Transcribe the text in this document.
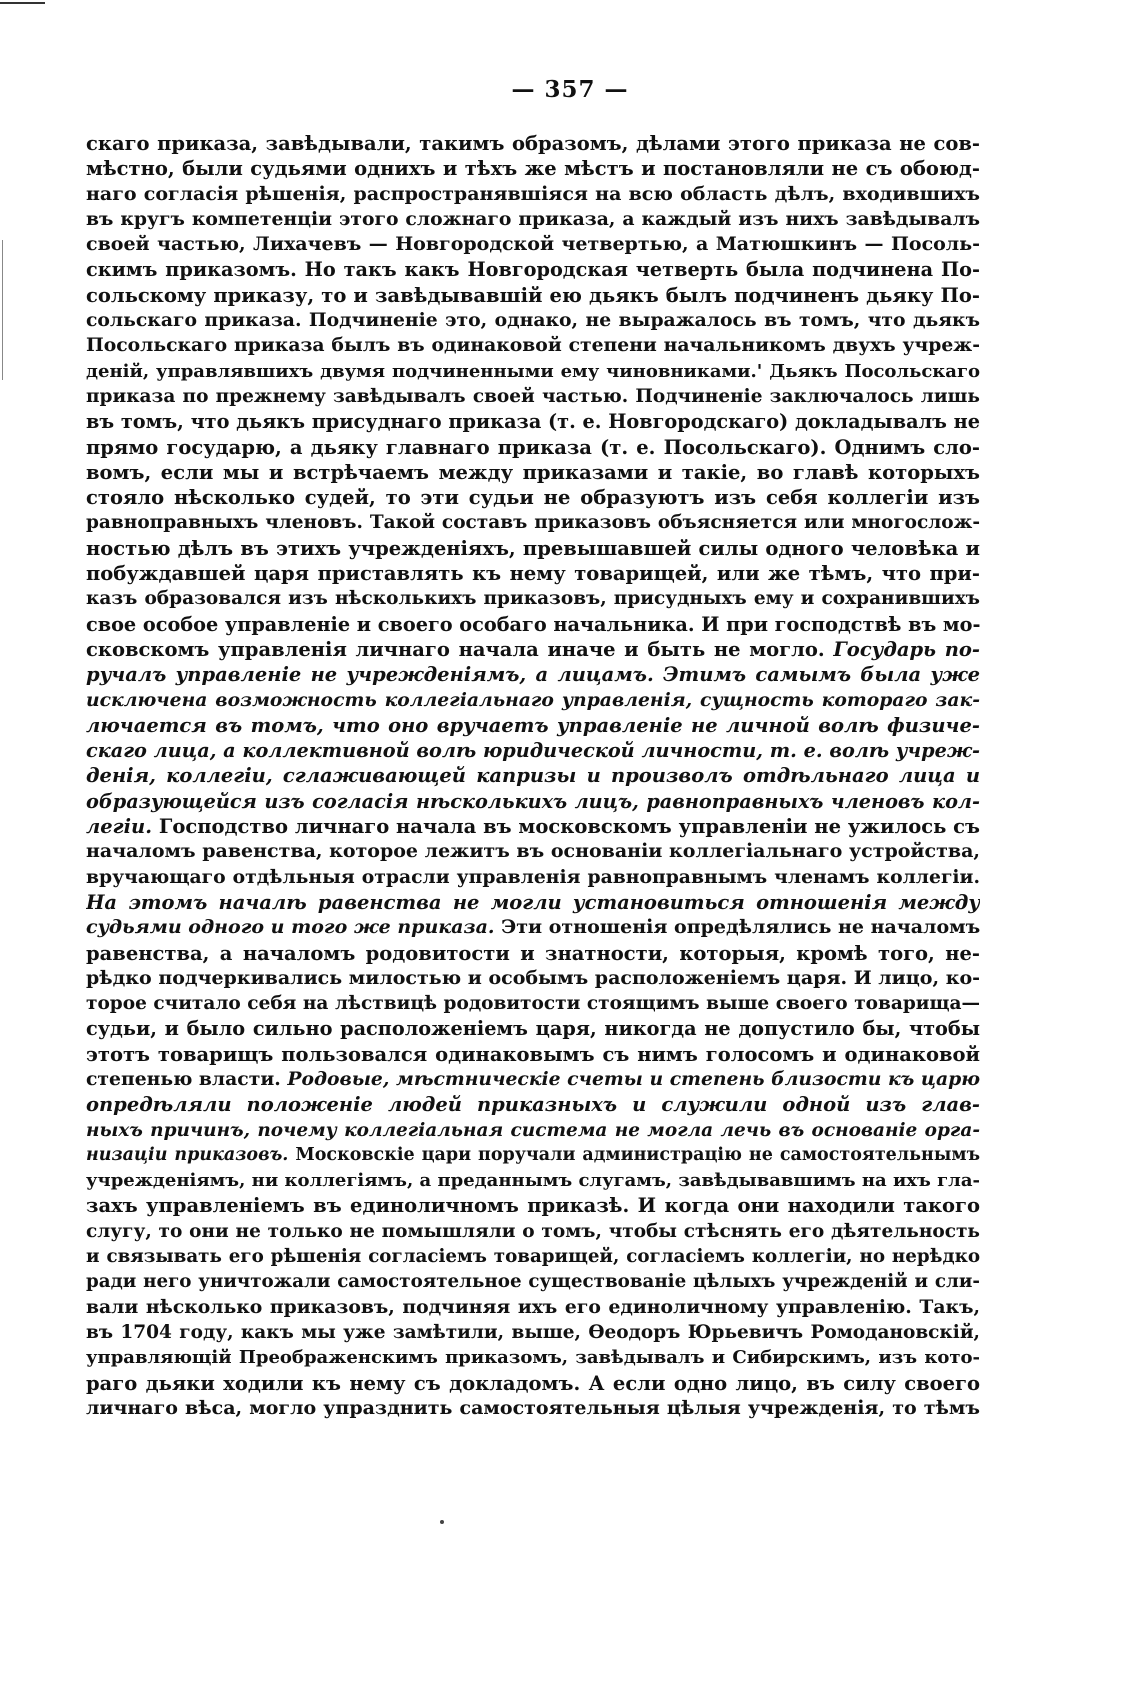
— 357 —
скаго приказа, завѣдывали, такимъ образомъ, дѣлами этого приказа не сов-
мѣстно, были судьями однихъ и тѣхъ же мѣстъ и постановляли не съ обоюд-
наго согласія рѣшенія, распространявшіяся на всю область дѣлъ, входившихъ
въ кругъ компетенціи этого сложнаго приказа, а каждый изъ нихъ завѣдывалъ
своей частью, Лихачевъ — Новгородской четвертью, а Матюшкинъ — Посоль-
скимъ приказомъ. Но такъ какъ Новгородская четверть была подчинена По-
сольскому приказу, то и завѣдывавшій ею дьякъ былъ подчиненъ дьяку По-
сольскаго приказа. Подчиненіе это, однако, не выражалось въ томъ, что дьякъ
Посольскаго приказа былъ въ одинаковой степени начальникомъ двухъ учреж-
деній, управлявшихъ двумя подчиненными ему чиновниками.' Дьякъ Посольскаго
приказа по прежнему завѣдывалъ своей частью. Подчиненіе заключалось лишь
въ томъ, что дьякъ присуднаго приказа (т. е. Новгородскаго) докладывалъ не
прямо государю, а дьяку главнаго приказа (т. е. Посольскаго). Однимъ сло-
вомъ, если мы и встрѣчаемъ между приказами и такіе, во главѣ которыхъ
стояло нѣсколько судей, то эти судьи не образуютъ изъ себя коллегіи изъ
равноправныхъ членовъ. Такой составъ приказовъ объясняется или многослож-
ностью дѣлъ въ этихъ учрежденіяхъ, превышавшей силы одного человѣка и
побуждавшей царя приставлять къ нему товарищей, или же тѣмъ, что при-
казъ образовался изъ нѣсколькихъ приказовъ, присудныхъ ему и сохранившихъ
свое особое управленіе и своего особаго начальника. И при господствѣ въ мо-
сковскомъ управленія личнаго начала иначе и быть не могло. Государь по-
ручалъ управленіе не учрежденіямъ, а лицамъ. Этимъ самымъ была уже
исключена возможность коллегіальнаго управленія, сущность котораго зак-
лючается въ томъ, что оно вручаетъ управленіе не личной волѣ физиче-
скаго лица, а коллективной волѣ юридической личности, т. е. волѣ учреж-
денія, коллегіи, сглаживающей капризы и произволъ отдѣльнаго лица и
образующейся изъ согласія нѣсколькихъ лицъ, равноправныхъ членовъ кол-
легіи. Господство личнаго начала въ московскомъ управленіи не ужилось съ
началомъ равенства, которое лежитъ въ основаніи коллегіальнаго устройства,
вручающаго отдѣльныя отрасли управленія равноправнымъ членамъ коллегіи.
На этомъ началѣ равенства не могли установиться отношенія между
судьями одного и того же приказа. Эти отношенія опредѣлялись не началомъ
равенства, а началомъ родовитости и знатности, которыя, кромѣ того, не-
рѣдко подчеркивались милостью и особымъ расположеніемъ царя. И лицо, ко-
торое считало себя на лѣствицѣ родовитости стоящимъ выше своего товарища—
судьи, и было сильно расположеніемъ царя, никогда не допустило бы, чтобы
этотъ товарищъ пользовался одинаковымъ съ нимъ голосомъ и одинаковой
степенью власти. Родовые, мѣстническіе счеты и степень близости къ царю
опредѣляли положеніе людей приказныхъ и служили одной изъ глав-
ныхъ причинъ, почему коллегіальная система не могла лечь въ основаніе орга-
низаціи приказовъ. Московскіе цари поручали администрацію не самостоятельнымъ
учрежденіямъ, ни коллегіямъ, а преданнымъ слугамъ, завѣдывавшимъ на ихъ гла-
захъ управленіемъ въ единоличномъ приказѣ. И когда они находили такого
слугу, то они не только не помышляли о томъ, чтобы стѣснять его дѣятельность
и связывать его рѣшенія согласіемъ товарищей, согласіемъ коллегіи, но нерѣдко
ради него уничтожали самостоятельное существованіе цѣлыхъ учрежденій и сли-
вали нѣсколько приказовъ, подчиняя ихъ его единоличному управленію. Такъ,
въ 1704 году, какъ мы уже замѣтили, выше, Ѳеодоръ Юрьевичъ Ромодановскій,
управляющій Преображенскимъ приказомъ, завѣдывалъ и Сибирскимъ, изъ кото-
раго дьяки ходили къ нему съ докладомъ. А если одно лицо, въ силу своего
личнаго вѣса, могло упразднить самостоятельныя цѣлыя учрежденія, то тѣмъ
